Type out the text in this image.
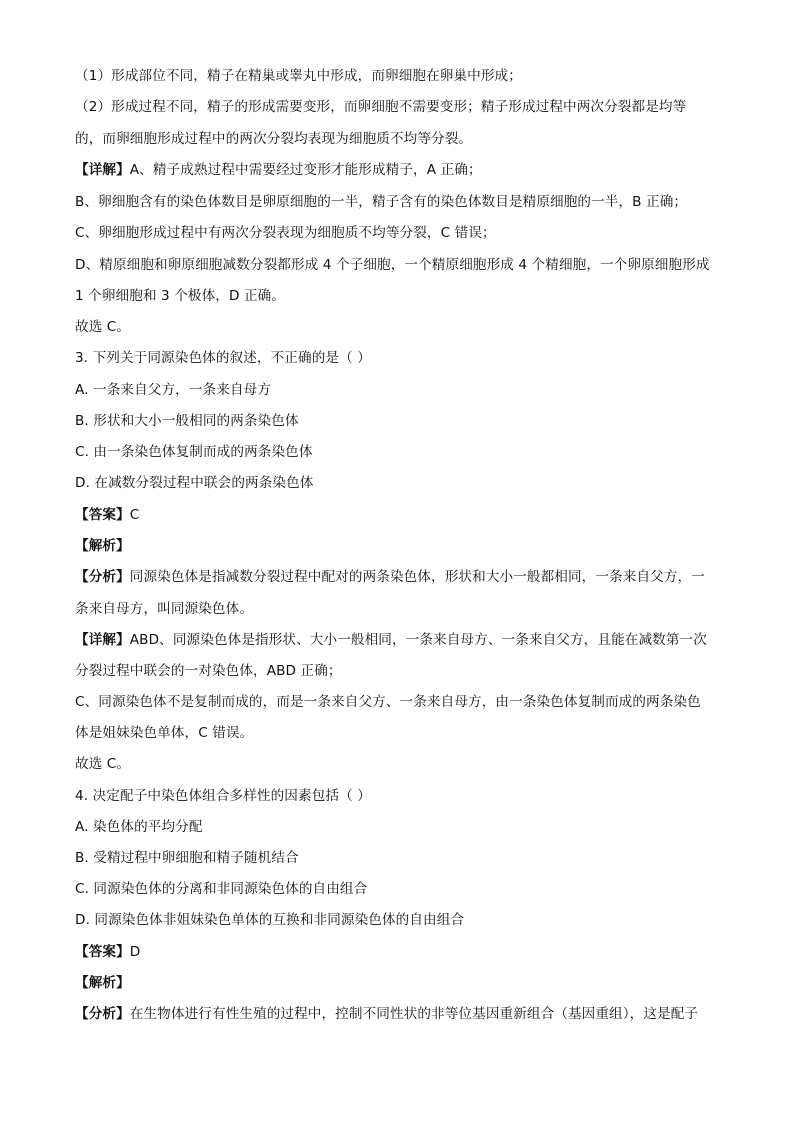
（1）形成部位不同，精子在精巢或睾丸中形成，而卵细胞在卵巢中形成；
（2）形成过程不同，精子的形成需要变形，而卵细胞不需要变形；精子形成过程中两次分裂都是均等
的，而卵细胞形成过程中的两次分裂均表现为细胞质不均等分裂。
【详解】A、精子成熟过程中需要经过变形才能形成精子，A 正确；
B、卵细胞含有的染色体数目是卵原细胞的一半，精子含有的染色体数目是精原细胞的一半，B 正确；
C、卵细胞形成过程中有两次分裂表现为细胞质不均等分裂，C 错误；
D、精原细胞和卵原细胞减数分裂都形成 4 个子细胞，一个精原细胞形成 4 个精细胞，一个卵原细胞形成
1 个卵细胞和 3 个极体，D 正确。
故选 C。
3. 下列关于同源染色体的叙述，不正确的是（ ）
A. 一条来自父方，一条来自母方
B. 形状和大小一般相同的两条染色体
C. 由一条染色体复制而成的两条染色体
D. 在减数分裂过程中联会的两条染色体
【答案】C
【解析】
【分析】同源染色体是指减数分裂过程中配对的两条染色体，形状和大小一般都相同，一条来自父方，一
条来自母方，叫同源染色体。
【详解】ABD、同源染色体是指形状、大小一般相同，一条来自母方、一条来自父方，且能在减数第一次
分裂过程中联会的一对染色体，ABD 正确；
C、同源染色体不是复制而成的，而是一条来自父方、一条来自母方，由一条染色体复制而成的两条染色
体是姐妹染色单体，C 错误。
故选 C。
4. 决定配子中染色体组合多样性的因素包括（ ）
A. 染色体的平均分配
B. 受精过程中卵细胞和精子随机结合
C. 同源染色体的分离和非同源染色体的自由组合
D. 同源染色体非姐妹染色单体的互换和非同源染色体的自由组合
【答案】D
【解析】
【分析】在生物体进行有性生殖的过程中，控制不同性状的非等位基因重新组合（基因重组），这是配子
